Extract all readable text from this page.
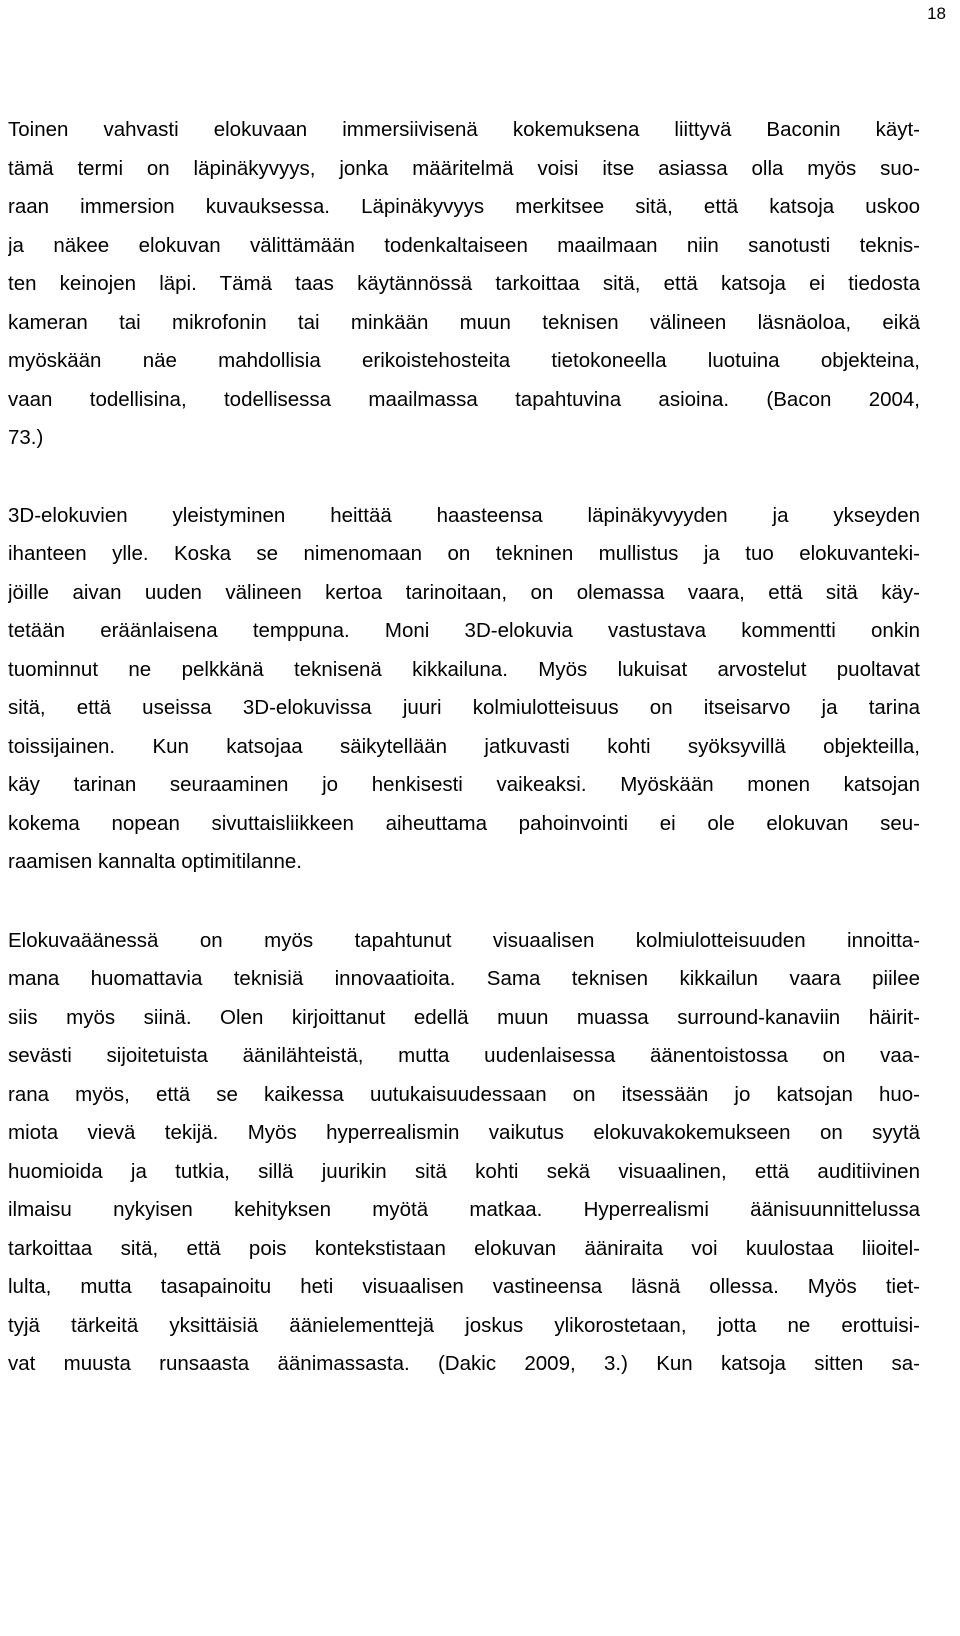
18

Toinen vahvasti elokuvaan immersiivisenä kokemuksena liittyvä Baconin käyt-
tämä termi on läpinäkyvyys, jonka määritelmä voisi itse asiassa olla myös suo-
raan immersion kuvauksessa. Läpinäkyvyys merkitsee sitä, että katsoja uskoo
ja näkee elokuvan välittämään todenkaltaiseen maailmaan niin sanotusti teknis-
ten keinojen läpi. Tämä taas käytännössä tarkoittaa sitä, että katsoja ei tiedosta
kameran tai mikrofonin tai minkään muun teknisen välineen läsnäoloa, eikä
myöskään näe mahdollisia erikoistehosteita tietokoneella luotuina objekteina,
vaan todellisina, todellisessa maailmassa tapahtuvina asioina. (Bacon 2004,
73.)

3D-elokuvien yleistyminen heittää haasteensa läpinäkyvyyden ja ykseyden
ihanteen ylle. Koska se nimenomaan on tekninen mullistus ja tuo elokuvanteki-
jöille aivan uuden välineen kertoa tarinoitaan, on olemassa vaara, että sitä käy-
tetään eräänlaisena temppuna. Moni 3D-elokuvia vastustava kommentti onkin
tuominnut ne pelkkänä teknisenä kikkailuna. Myös lukuisat arvostelut puoltavat
sitä, että useissa 3D-elokuvissa juuri kolmiulotteisuus on itseisarvo ja tarina
toissijainen. Kun katsojaa säikytellään jatkuvasti kohti syöksyvillä objekteilla,
käy tarinan seuraaminen jo henkisesti vaikeaksi. Myöskään monen katsojan
kokema nopean sivuttaisliikkeen aiheuttama pahoinvointi ei ole elokuvan seu-
raamisen kannalta optimitilanne.

Elokuvaäänessä on myös tapahtunut visuaalisen kolmiulotteisuuden innoitta-
mana huomattavia teknisiä innovaatioita. Sama teknisen kikkailun vaara piilee
siis myös siinä. Olen kirjoittanut edellä muun muassa surround-kanaviin häirit-
sevästi sijoitetuista äänilähteistä, mutta uudenlaisessa äänentoistossa on vaa-
rana myös, että se kaikessa uutukaisuudessaan on itsessään jo katsojan huo-
miota vievä tekijä. Myös hyperrealismin vaikutus elokuvakokemukseen on syytä
huomioida ja tutkia, sillä juurikin sitä kohti sekä visuaalinen, että auditiivinen
ilmaisu nykyisen kehityksen myötä matkaa. Hyperrealismi äänisuunnittelussa
tarkoittaa sitä, että pois kontekstistaan elokuvan ääniraita voi kuulostaa liioitel-
lulta, mutta tasapainoitu heti visuaalisen vastineensa läsnä ollessa. Myös tiet-
tyjä tärkeitä yksittäisiä äänielementtejä joskus ylikorostetaan, jotta ne erottuisi-
vat muusta runsaasta äänimassasta. (Dakic 2009, 3.) Kun katsoja sitten sa-
